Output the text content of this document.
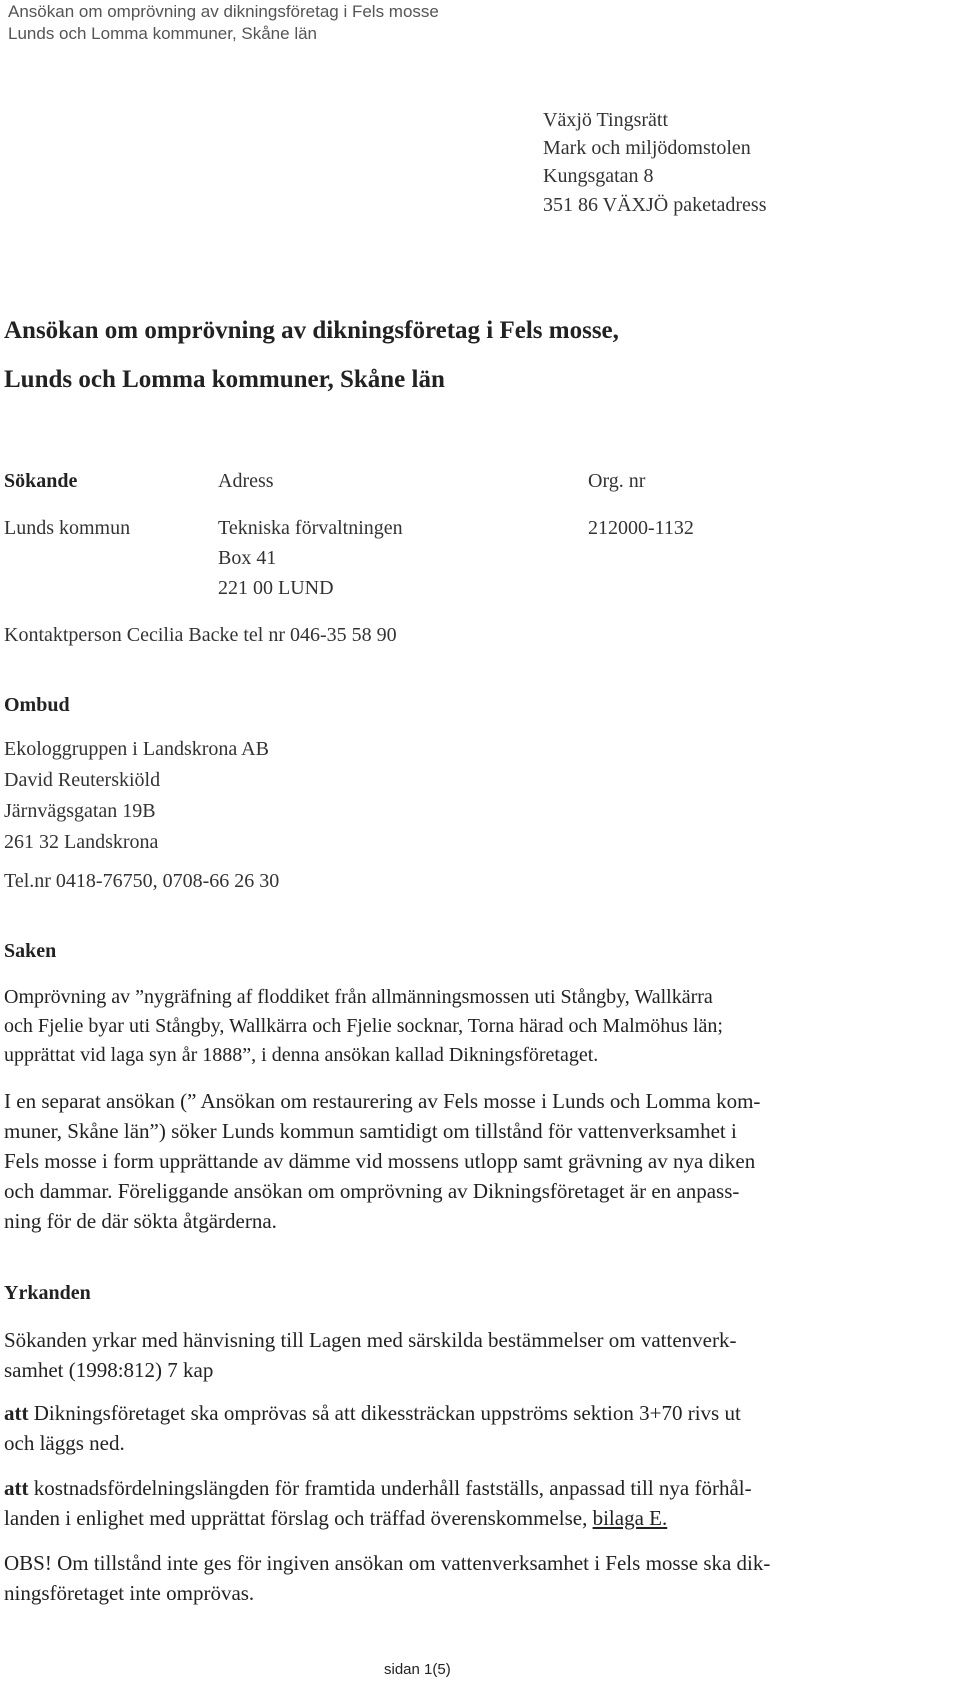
Ansökan om omprövning av dikningsföretag i Fels mosse
Lunds och Lomma kommuner, Skåne län
Växjö Tingsrätt
Mark och miljödomstolen
Kungsgatan 8
351 86 VÄXJÖ paketadress
Ansökan om omprövning av dikningsföretag i Fels mosse,
Lunds och Lomma kommuner, Skåne län
Sökande	Adress	Org. nr
Lunds kommun	Tekniska förvaltningen	212000-1132
Box 41
221 00 LUND
Kontaktperson Cecilia Backe tel nr 046-35 58 90
Ombud
Ekologgruppen i Landskrona AB
David Reuterskiöld
Järnvägsgatan 19B
261 32 Landskrona
Tel.nr 0418-76750, 0708-66 26 30
Saken
Omprövning av ”nygräfning af floddiket från allmänningsmossen uti Stångby, Wallkärra
och Fjelie byar uti Stångby, Wallkärra och Fjelie socknar, Torna härad och Malmöhus län;
upprättat vid laga syn år 1888”, i denna ansökan kallad Dikningsföretaget.
I en separat ansökan (” Ansökan om restaurering av Fels mosse i Lunds och Lomma kom-
muner, Skåne län”) söker Lunds kommun samtidigt om tillstånd för vattenverksamhet i
Fels mosse i form upprättande av dämme vid mossens utlopp samt grävning av nya diken
och dammar. Föreliggande ansökan om omprövning av Dikningsföretaget är en anpass-
ning för de där sökta åtgärderna.
Yrkanden
Sökanden yrkar med hänvisning till Lagen med särskilda bestämmelser om vattenverk-
samhet (1998:812) 7 kap
att Dikningsföretaget ska omprövas så att dikessträckan uppströms sektion 3+70 rivs ut
och läggs ned.
att kostnadsfördelningslängden för framtida underhåll fastställs, anpassad till nya förhål-
landen i enlighet med upprättat förslag och träffad överenskommelse, bilaga E.
OBS! Om tillstånd inte ges för ingiven ansökan om vattenverksamhet i Fels mosse ska dik-
ningsföretaget inte omprövas.
sidan 1(5)
